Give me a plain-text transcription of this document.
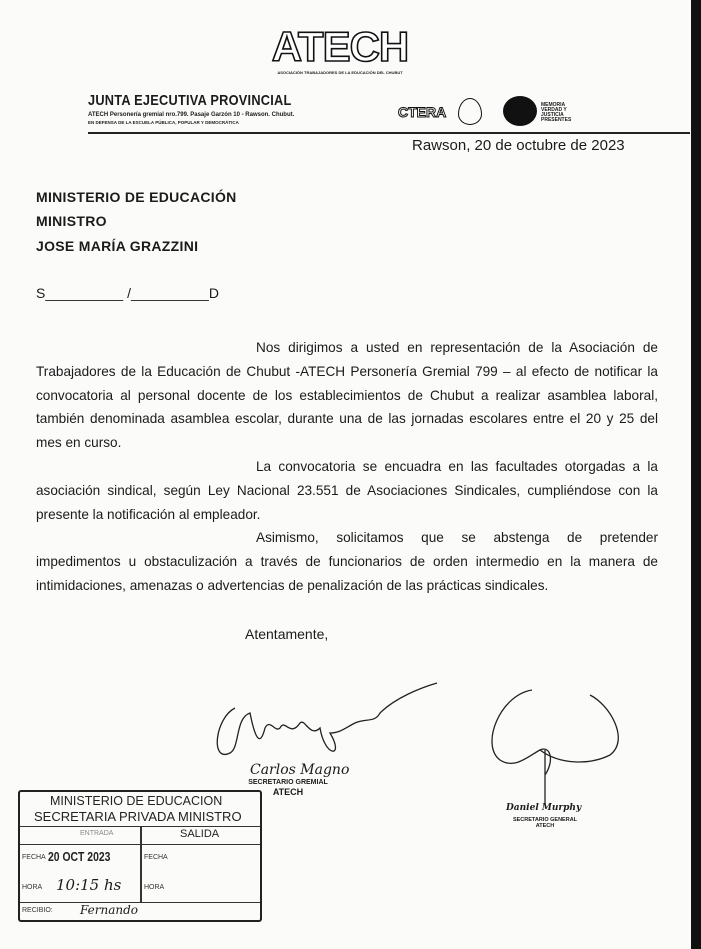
ATECH
ASOCIACIÓN TRABAJADORES DE LA EDUCACIÓN DEL CHUBUT
JUNTA EJECUTIVA PROVINCIAL
ATECH Personería gremial nro.799. Pasaje Garzón 10 - Rawson. Chubut.
EN DEFENSA DE LA ESCUELA PÚBLICA, POPULAR Y DEMOCRÁTICA
CTERA	MEMORIA VERDAD Y JUSTICIA PRESENTES
Rawson, 20 de octubre de 2023
MINISTERIO DE EDUCACIÓN
MINISTRO
JOSE MARÍA GRAZZINI
S__________ /__________D

Nos dirigimos a usted en representación de la Asociación de Trabajadores de la Educación de Chubut -ATECH Personería Gremial 799 – al efecto de notificar la convocatoria al personal docente de los establecimientos de Chubut a realizar asamblea laboral, también denominada asamblea escolar, durante una de las jornadas escolares entre el 20 y 25 del mes en curso.

La convocatoria se encuadra en las facultades otorgadas a la asociación sindical, según Ley Nacional 23.551 de Asociaciones Sindicales, cumpliéndose con la presente la notificación al empleador.

Asimismo, solicitamos que se abstenga de pretender impedimentos u obstaculización a través de funcionarios de orden intermedio en la manera de intimidaciones, amenazas o advertencias de penalización de las prácticas sindicales.

Atentamente,
Carlos Magno
SECRETARIO GREMIAL
ATECH
Daniel Murphy
SECRETARIO GENERAL
ATECH
MINISTERIO DE EDUCACION
SECRETARIA PRIVADA MINISTRO
ENTRADA	SALIDA
FECHA 20 OCT 2023	FECHA
HORA 10:15 hs	HORA
RECIBIO: Fernando
